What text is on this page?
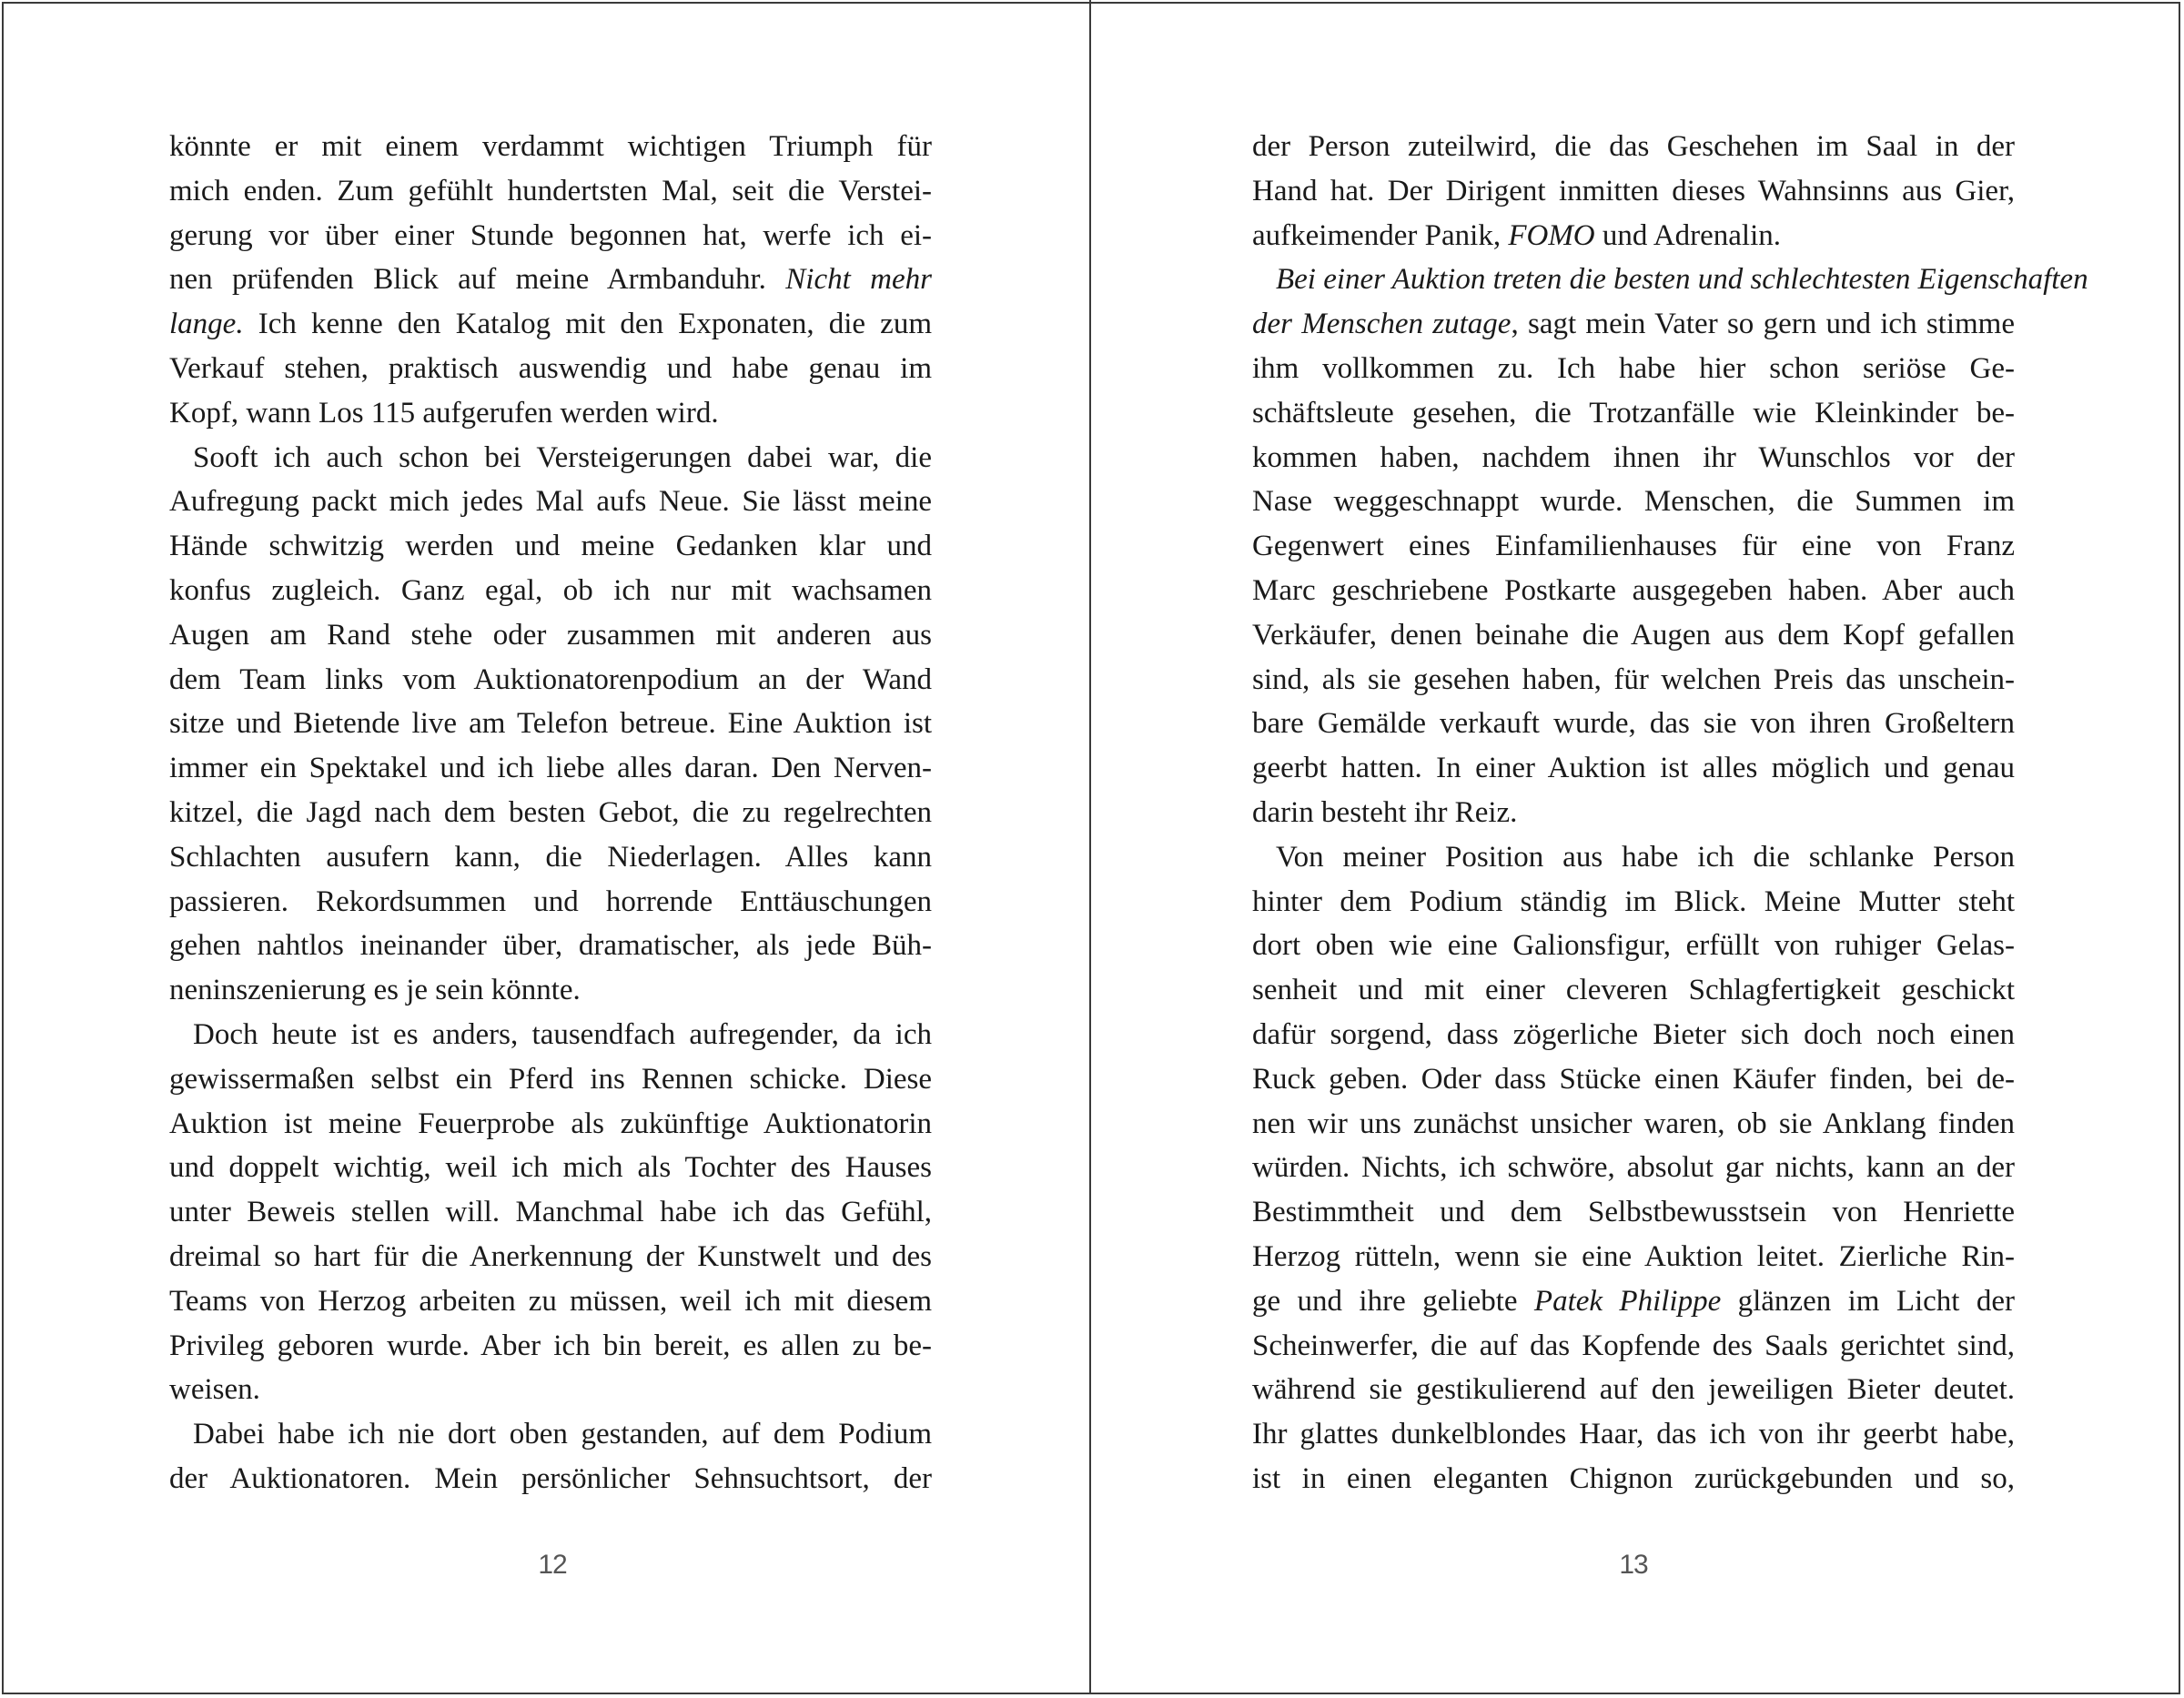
könnte er mit einem verdammt wichtigen Triumph für
mich enden. Zum gefühlt hundertsten Mal, seit die Verstei-
gerung vor über einer Stunde begonnen hat, werfe ich ei-
nen prüfenden Blick auf meine Armbanduhr. Nicht mehr
lange. Ich kenne den Katalog mit den Exponaten, die zum
Verkauf stehen, praktisch auswendig und habe genau im
Kopf, wann Los 115 aufgerufen werden wird.
Sooft ich auch schon bei Versteigerungen dabei war, die
Aufregung packt mich jedes Mal aufs Neue. Sie lässt meine
Hände schwitzig werden und meine Gedanken klar und
konfus zugleich. Ganz egal, ob ich nur mit wachsamen
Augen am Rand stehe oder zusammen mit anderen aus
dem Team links vom Auktionatorenpodium an der Wand
sitze und Bietende live am Telefon betreue. Eine Auktion ist
immer ein Spektakel und ich liebe alles daran. Den Nerven-
kitzel, die Jagd nach dem besten Gebot, die zu regelrechten
Schlachten ausufern kann, die Niederlagen. Alles kann
passieren. Rekordsummen und horrende Enttäuschungen
gehen nahtlos ineinander über, dramatischer, als jede Büh-
neninszenierung es je sein könnte.
Doch heute ist es anders, tausendfach aufregender, da ich
gewissermaßen selbst ein Pferd ins Rennen schicke. Diese
Auktion ist meine Feuerprobe als zukünftige Auktionatorin
und doppelt wichtig, weil ich mich als Tochter des Hauses
unter Beweis stellen will. Manchmal habe ich das Gefühl,
dreimal so hart für die Anerkennung der Kunstwelt und des
Teams von Herzog arbeiten zu müssen, weil ich mit diesem
Privileg geboren wurde. Aber ich bin bereit, es allen zu be-
weisen.
Dabei habe ich nie dort oben gestanden, auf dem Podium
der Auktionatoren. Mein persönlicher Sehnsuchtsort, der
12
der Person zuteilwird, die das Geschehen im Saal in der
Hand hat. Der Dirigent inmitten dieses Wahnsinns aus Gier,
aufkeimender Panik, FOMO und Adrenalin.
Bei einer Auktion treten die besten und schlechtesten Eigenschaften
der Menschen zutage, sagt mein Vater so gern und ich stimme
ihm vollkommen zu. Ich habe hier schon seriöse Ge-
schäftsleute gesehen, die Trotzanfälle wie Kleinkinder be-
kommen haben, nachdem ihnen ihr Wunschlos vor der
Nase weggeschnappt wurde. Menschen, die Summen im
Gegenwert eines Einfamilienhauses für eine von Franz
Marc geschriebene Postkarte ausgegeben haben. Aber auch
Verkäufer, denen beinahe die Augen aus dem Kopf gefallen
sind, als sie gesehen haben, für welchen Preis das unschein-
bare Gemälde verkauft wurde, das sie von ihren Großeltern
geerbt hatten. In einer Auktion ist alles möglich und genau
darin besteht ihr Reiz.
Von meiner Position aus habe ich die schlanke Person
hinter dem Podium ständig im Blick. Meine Mutter steht
dort oben wie eine Galionsfigur, erfüllt von ruhiger Gelas-
senheit und mit einer cleveren Schlagfertigkeit geschickt
dafür sorgend, dass zögerliche Bieter sich doch noch einen
Ruck geben. Oder dass Stücke einen Käufer finden, bei de-
nen wir uns zunächst unsicher waren, ob sie Anklang finden
würden. Nichts, ich schwöre, absolut gar nichts, kann an der
Bestimmtheit und dem Selbstbewusstsein von Henriette
Herzog rütteln, wenn sie eine Auktion leitet. Zierliche Rin-
ge und ihre geliebte Patek Philippe glänzen im Licht der
Scheinwerfer, die auf das Kopfende des Saals gerichtet sind,
während sie gestikulierend auf den jeweiligen Bieter deutet.
Ihr glattes dunkelblondes Haar, das ich von ihr geerbt habe,
ist in einen eleganten Chignon zurückgebunden und so,
13
